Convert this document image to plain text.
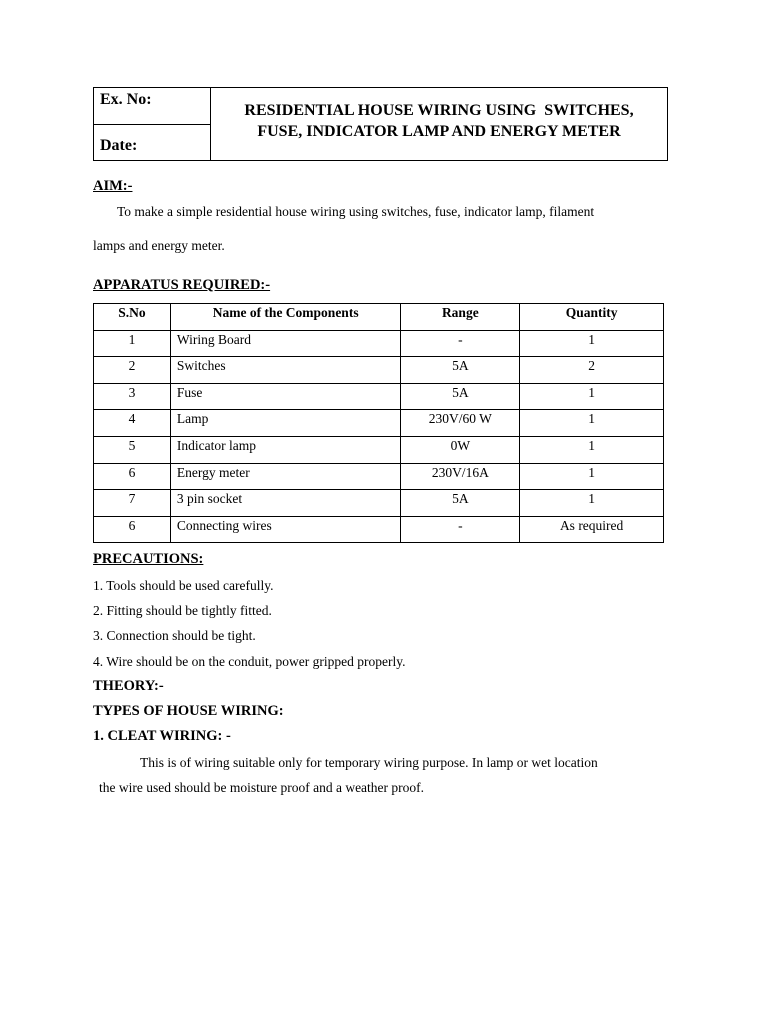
Ex. No:
Date:
RESIDENTIAL HOUSE WIRING USING  SWITCHES,
FUSE, INDICATOR LAMP AND ENERGY METER
AIM:-
To make a simple residential house wiring using switches, fuse, indicator lamp, filament
lamps and energy meter.
APPARATUS REQUIRED:-
S.No	Name of the Components	Range	Quantity
1	Wiring Board	-	1
2	Switches	5A	2
3	Fuse	5A	1
4	Lamp	230V/60 W	1
5	Indicator lamp	0W	1
6	Energy meter	230V/16A	1
7	3 pin socket	5A	1
6	Connecting wires	-	As required
PRECAUTIONS:
1. Tools should be used carefully.
2. Fitting should be tightly fitted.
3. Connection should be tight.
4. Wire should be on the conduit, power gripped properly.
THEORY:-
TYPES OF HOUSE WIRING:
1. CLEAT WIRING: -
This is of wiring suitable only for temporary wiring purpose. In lamp or wet location
the wire used should be moisture proof and a weather proof.
